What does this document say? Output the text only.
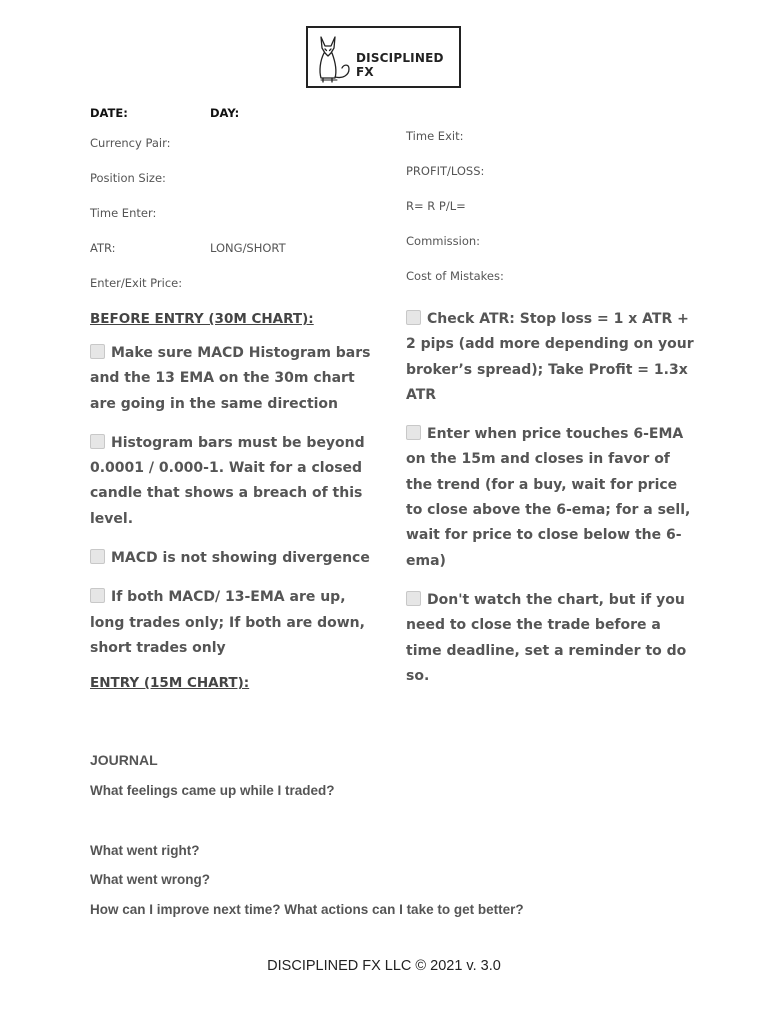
DISCIPLINED FX
DATE:	DAY:
Currency Pair:
Position Size:
Time Enter:
ATR:	LONG/SHORT
Enter/Exit Price:
Time Exit:
PROFIT/LOSS:
R= R P/L=
Commission:
Cost of Mistakes:
BEFORE ENTRY (30M CHART):
Make sure MACD Histogram bars and the 13 EMA on the 30m chart are going in the same direction
Histogram bars must be beyond 0.0001 / 0.000-1. Wait for a closed candle that shows a breach of this level.
MACD is not showing divergence
If both MACD/ 13-EMA are up, long trades only; If both are down, short trades only
ENTRY (15M CHART):
Check ATR: Stop loss = 1 x ATR + 2 pips (add more depending on your broker’s spread); Take Profit = 1.3x ATR
Enter when price touches 6-EMA on the 15m and closes in favor of the trend (for a buy, wait for price to close above the 6-ema; for a sell, wait for price to close below the 6-ema)
Don't watch the chart, but if you need to close the trade before a time deadline, set a reminder to do so.
JOURNAL
What feelings came up while I traded?
What went right?
What went wrong?
How can I improve next time? What actions can I take to get better?
DISCIPLINED FX LLC © 2021 v. 3.0
